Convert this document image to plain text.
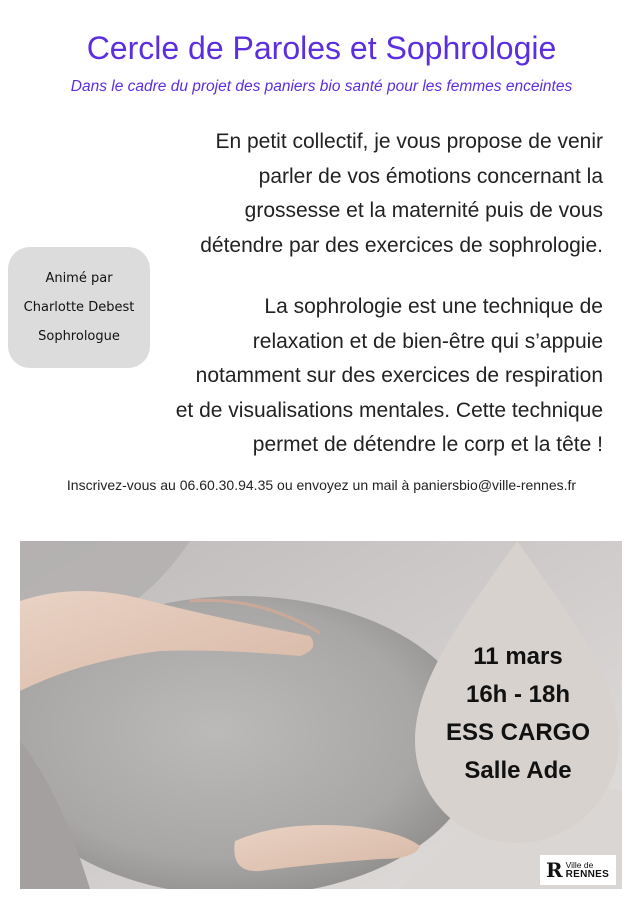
Cercle de Paroles et Sophrologie
Dans le cadre du projet des paniers bio santé pour les femmes enceintes
En petit collectif, je vous propose de venir
parler de vos émotions concernant la
grossesse et la maternité puis de vous
détendre par des exercices de sophrologie.
Animé par
Charlotte Debest
Sophrologue
La sophrologie est une technique de
relaxation et de bien-être qui s’appuie
notamment sur des exercices de respiration
et de visualisations mentales. Cette technique
permet de détendre le corp et la tête !
Inscrivez-vous au 06.60.30.94.35 ou envoyez un mail à paniersbio@ville-rennes.fr
11 mars
16h - 18h
ESS CARGO
Salle Ade
R Ville de
RENNES
